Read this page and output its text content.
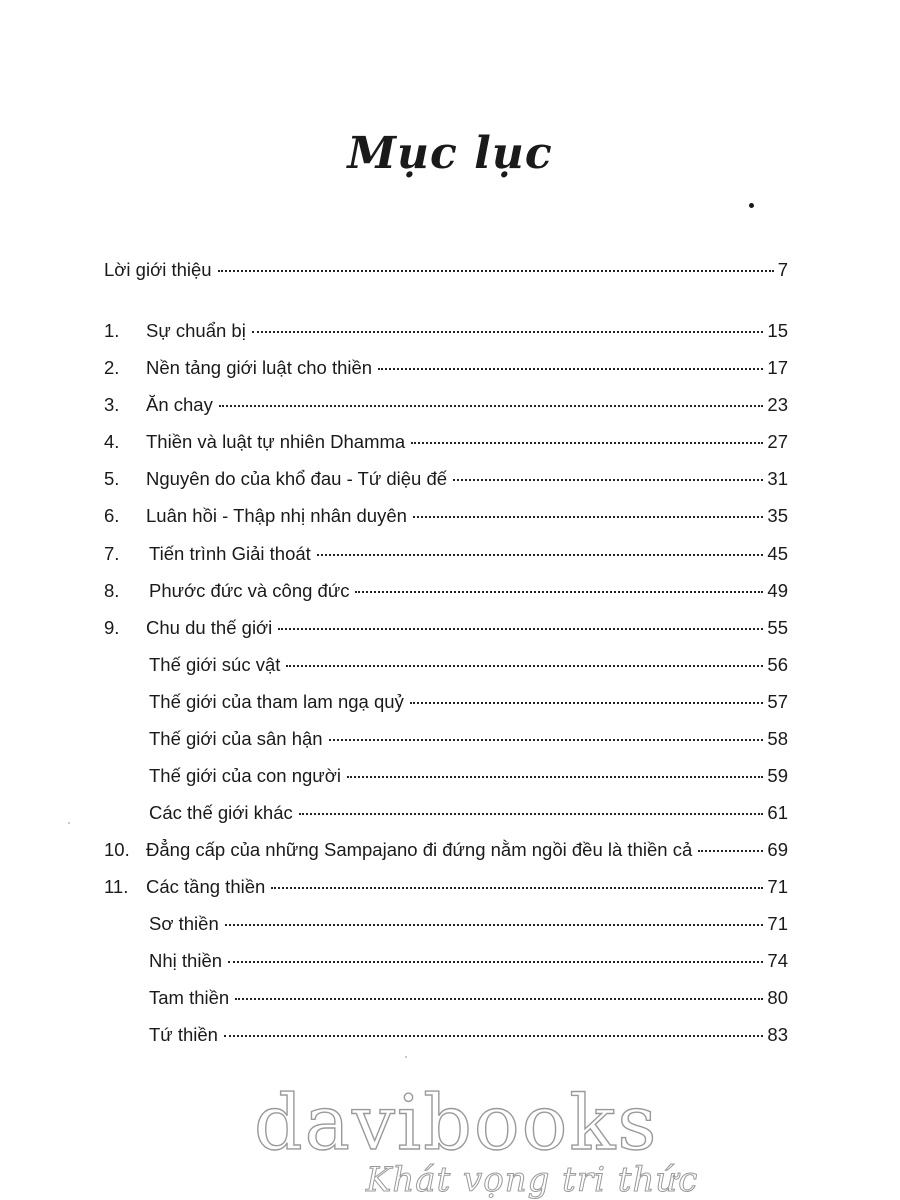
Mục lục
Lời giới thiệu	7
1. Sự chuẩn bị	15
2. Nền tảng giới luật cho thiền	17
3. Ăn chay	23
4. Thiền và luật tự nhiên Dhamma	27
5. Nguyên do của khổ đau - Tứ diệu đế	31
6. Luân hồi - Thập nhị nhân duyên	35
7. Tiến trình Giải thoát	45
8. Phước đức và công đức	49
9. Chu du thế giới	55
Thế giới súc vật	56
Thế giới của tham lam ngạ quỷ	57
Thế giới của sân hận	58
Thế giới của con người	59
Các thế giới khác	61
10. Đẳng cấp của những Sampajano đi đứng nằm ngồi đều là thiền cả	69
11. Các tầng thiền	71
Sơ thiền	71
Nhị thiền	74
Tam thiền	80
Tứ thiền	83
davibooks
Khát vọng tri thức
